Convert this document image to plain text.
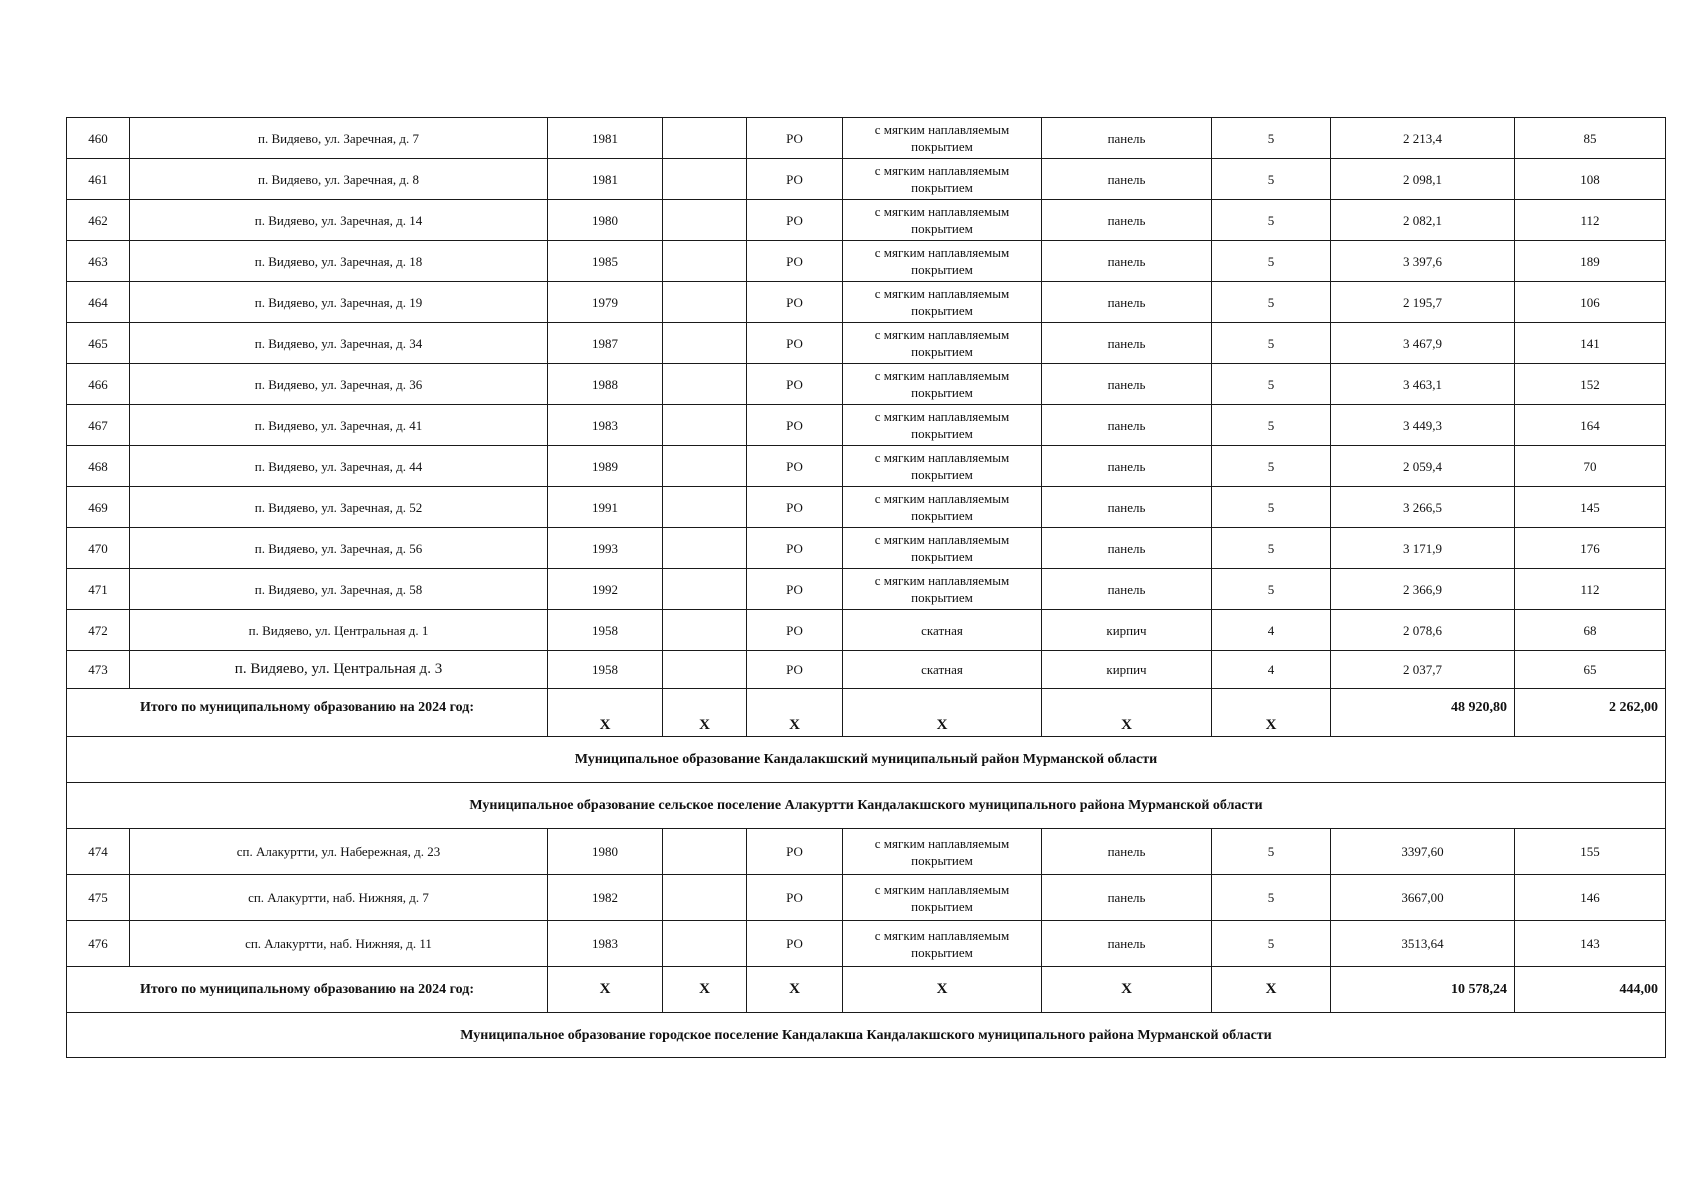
460	п. Видяево, ул. Заречная, д. 7	1981		РО	с мягким наплавляемым покрытием	панель	5	2 213,4	85
461	п. Видяево, ул. Заречная, д. 8	1981		РО	с мягким наплавляемым покрытием	панель	5	2 098,1	108
462	п. Видяево, ул. Заречная, д. 14	1980		РО	с мягким наплавляемым покрытием	панель	5	2 082,1	112
463	п. Видяево, ул. Заречная, д. 18	1985		РО	с мягким наплавляемым покрытием	панель	5	3 397,6	189
464	п. Видяево, ул. Заречная, д. 19	1979		РО	с мягким наплавляемым покрытием	панель	5	2 195,7	106
465	п. Видяево, ул. Заречная, д. 34	1987		РО	с мягким наплавляемым покрытием	панель	5	3 467,9	141
466	п. Видяево, ул. Заречная, д. 36	1988		РО	с мягким наплавляемым покрытием	панель	5	3 463,1	152
467	п. Видяево, ул. Заречная, д. 41	1983		РО	с мягким наплавляемым покрытием	панель	5	3 449,3	164
468	п. Видяево, ул. Заречная, д. 44	1989		РО	с мягким наплавляемым покрытием	панель	5	2 059,4	70
469	п. Видяево, ул. Заречная, д. 52	1991		РО	с мягким наплавляемым покрытием	панель	5	3 266,5	145
470	п. Видяево, ул. Заречная, д. 56	1993		РО	с мягким наплавляемым покрытием	панель	5	3 171,9	176
471	п. Видяево, ул. Заречная, д. 58	1992		РО	с мягким наплавляемым покрытием	панель	5	2 366,9	112
472	п. Видяево, ул. Центральная д. 1	1958		РО	скатная	кирпич	4	2 078,6	68
473	п. Видяево, ул. Центральная д. 3	1958		РО	скатная	кирпич	4	2 037,7	65
Итого по муниципальному образованию на 2024 год:		X	X	X	X	X	X	48 920,80	2 262,00
Муниципальное образование Кандалакшский муниципальный район Мурманской области									
Муниципальное образование сельское поселение Алакуртти Кандалакшского муниципального района Мурманской области									
474	сп. Алакуртти, ул. Набережная, д. 23	1980		РО	с мягким наплавляемым покрытием	панель	5	3397,60	155
475	сп. Алакуртти, наб. Нижняя, д. 7	1982		РО	с мягким наплавляемым покрытием	панель	5	3667,00	146
476	сп. Алакуртти, наб. Нижняя, д. 11	1983		РО	с мягким наплавляемым покрытием	панель	5	3513,64	143
Итого по муниципальному образованию на 2024 год:		X	X	X	X	X	X	10 578,24	444,00
Муниципальное образование городское поселение Кандалакша Кандалакшского муниципального района Мурманской области									
